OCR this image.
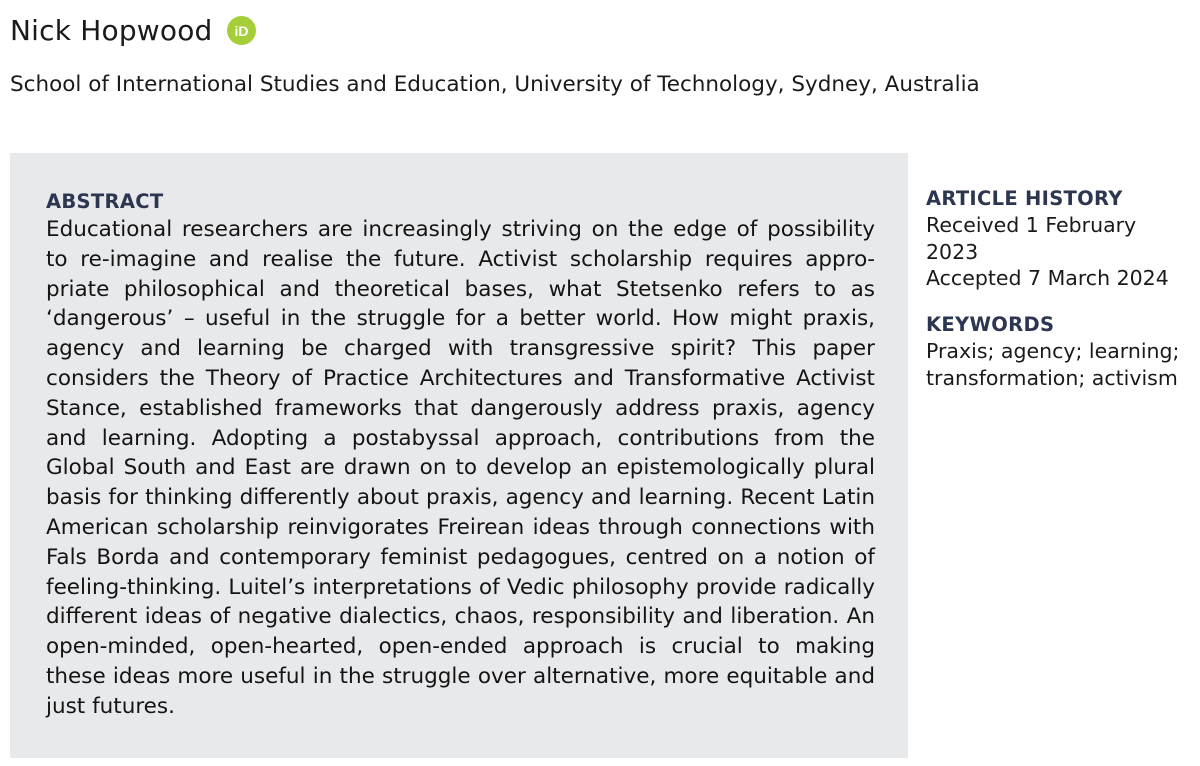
Nick Hopwood iD
School of International Studies and Education, University of Technology, Sydney, Australia
ABSTRACT
Educational researchers are increasingly striving on the edge of possibility to re-imagine and realise the future. Activist scholarship requires appropriate philosophical and theoretical bases, what Stetsenko refers to as ‘dangerous’ – useful in the struggle for a better world. How might praxis, agency and learning be charged with transgressive spirit? This paper considers the Theory of Practice Architectures and Transformative Activist Stance, established frameworks that dangerously address praxis, agency and learning. Adopting a postabyssal approach, contributions from the Global South and East are drawn on to develop an epistemologically plural basis for thinking differently about praxis, agency and learning. Recent Latin American scholarship reinvigorates Freirean ideas through connections with Fals Borda and contemporary feminist pedagogues, centred on a notion of feeling-thinking. Luitel’s interpretations of Vedic philosophy provide radically different ideas of negative dialectics, chaos, responsibility and liberation. An open-minded, open-hearted, open-ended approach is crucial to making these ideas more useful in the struggle over alternative, more equitable and just futures.
ARTICLE HISTORY
Received 1 February
2023
Accepted 7 March 2024
KEYWORDS
Praxis; agency; learning;
transformation; activism
